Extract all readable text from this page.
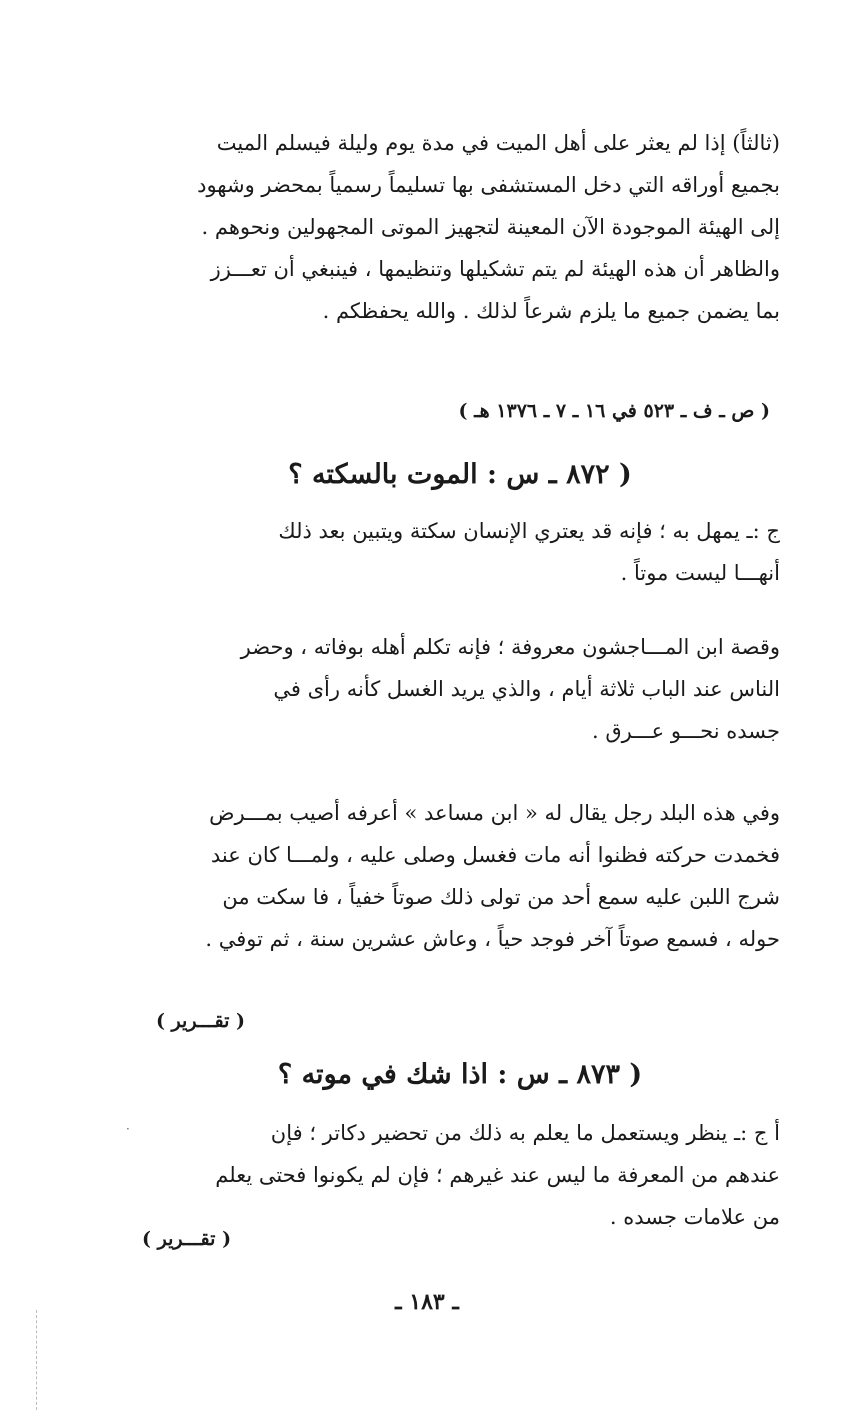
(ثالثاً) إذا لم يعثر على أهل الميت في مدة يوم وليلة فيسلم الميت
بجميع أوراقه التي دخل المستشفى بها تسليماً رسمياً بمحضر وشهود
إلى الهيئة الموجودة الآن المعينة لتجهيز الموتى المجهولين ونحوهم .
والظاهر أن هذه الهيئة لم يتم تشكيلها وتنظيمها ، فينبغي أن تعـــزز
بما يضمن جميع ما يلزم شرعاً لذلك . والله يحفظكم .
( ص ـ ف ـ ٥٢٣ في ١٦ ـ ٧ ـ ١٣٧٦ هـ )
( ٨٧٢ ـ س : الموت بالسكته ؟
ج :ـ يمهل به ؛ فإنه قد يعتري الإنسان سكتة ويتبين بعد ذلك
أنهـــا ليست موتاً .
وقصة ابن المـــاجشون معروفة ؛ فإنه تكلم أهله بوفاته ، وحضر
الناس عند الباب ثلاثة أيام ، والذي يريد الغسل كأنه رأى في
جسده نحـــو عـــرق .
وفي هذه البلد رجل يقال له « ابن مساعد » أعرفه أصيب بمـــرض
فخمدت حركته فظنوا أنه مات فغسل وصلى عليه ، ولمـــا كان عند
شرج اللبن عليه سمع أحد من تولى ذلك صوتاً خفياً ، فا سكت من
حوله ، فسمع صوتاً آخر فوجد حياً ، وعاش عشرين سنة ، ثم توفي .
( تقـــرير )
( ٨٧٣ ـ س : اذا شك في موته ؟
·	أ ج :ـ ينظر ويستعمل ما يعلم به ذلك من تحضير دكاتر ؛ فإن
عندهم من المعرفة ما ليس عند غيرهم ؛ فإن لم يكونوا فحتى يعلم
من علامات جسده .
( تقـــرير )
ـ ١٨٣ ـ
